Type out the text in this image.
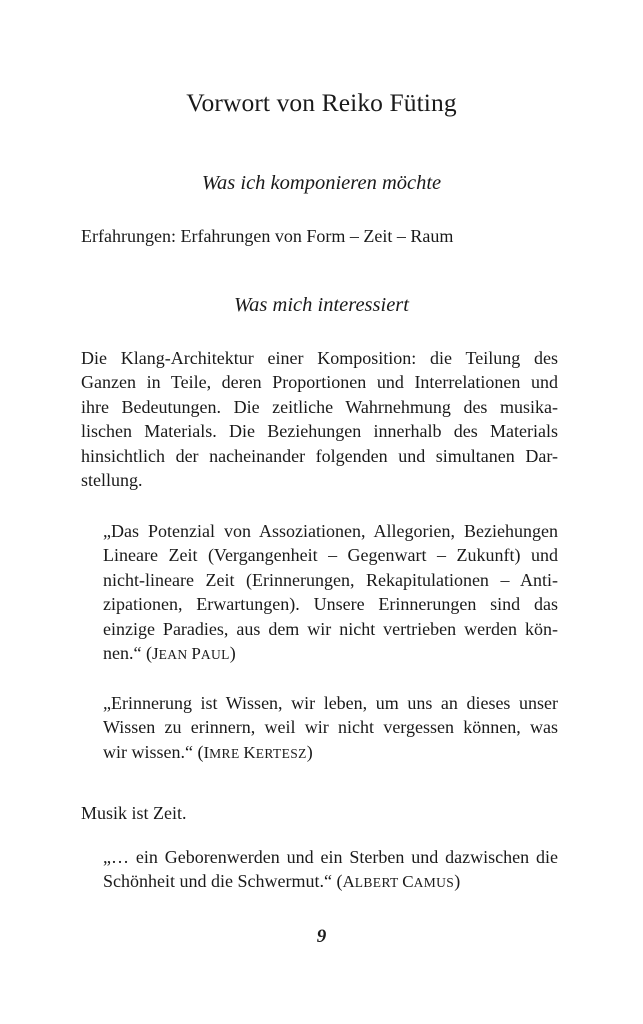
Vorwort von Reiko Füting
Was ich komponieren möchte

Erfahrungen: Erfahrungen von Form – Zeit – Raum

Was mich interessiert
Die Klang-Architektur einer Komposition: die Teilung des
Ganzen in Teile, deren Proportionen und Interrelationen und
ihre Bedeutungen. Die zeitliche Wahrnehmung des musika-
lischen Materials. Die Beziehungen innerhalb des Materials
hinsichtlich der nacheinander folgenden und simultanen Dar-
stellung.
„Das Potenzial von Assoziationen, Allegorien, Beziehungen
Lineare Zeit (Vergangenheit – Gegenwart – Zukunft) und
nicht-lineare Zeit (Erinnerungen, Rekapitulationen – Anti-
zipationen, Erwartungen). Unsere Erinnerungen sind das
einzige Paradies, aus dem wir nicht vertrieben werden kön-
nen.“ (JEAN PAUL)
„Erinnerung ist Wissen, wir leben, um uns an dieses unser
Wissen zu erinnern, weil wir nicht vergessen können, was
wir wissen.“ (IMRE KERTESZ)

Musik ist Zeit.

„… ein Geborenwerden und ein Sterben und dazwischen die
Schönheit und die Schwermut.“ (ALBERT CAMUS)

9
